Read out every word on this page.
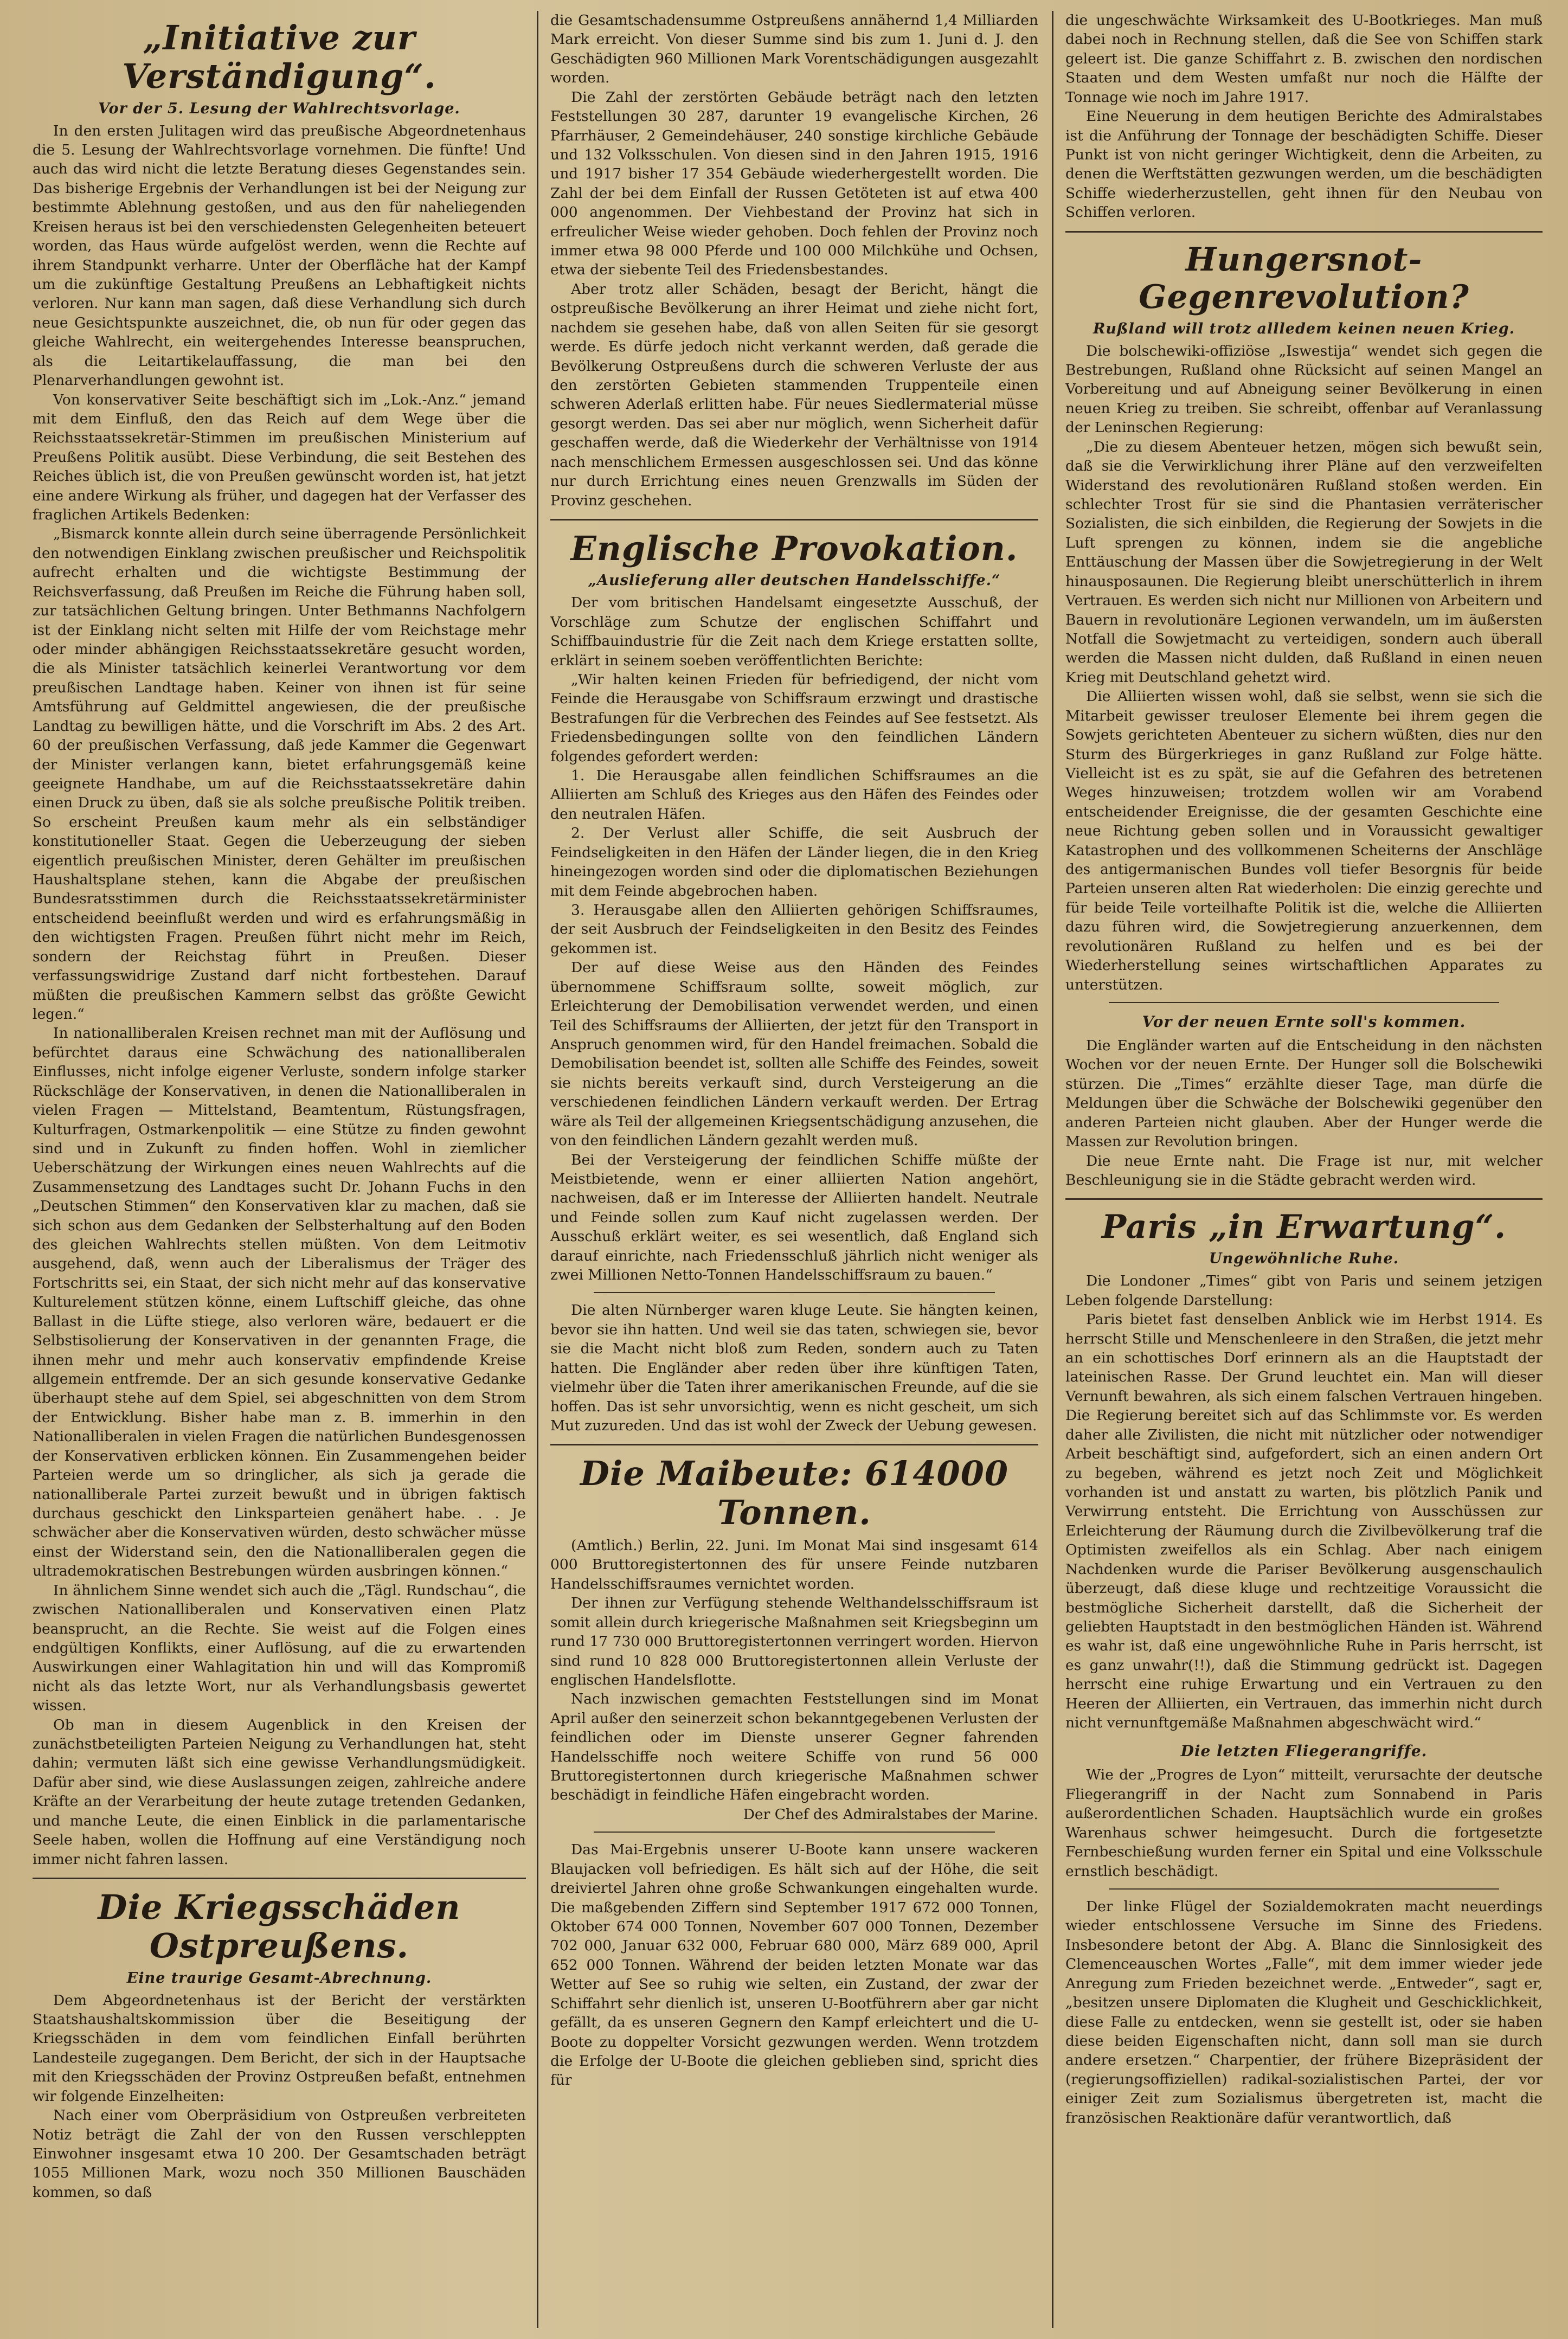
„Initiative zur Verständigung“.
Vor der 5. Lesung der Wahlrechtsvorlage.

In den ersten Julitagen wird das preußische Abgeordnetenhaus die 5. Lesung der Wahlrechtsvorlage vornehmen. Die fünfte! Und auch das wird nicht die letzte Beratung dieses Gegenstandes sein. Das bisherige Ergebnis der Verhandlungen ist bei der Neigung zur bestimmte Ablehnung gestoßen, und aus den für naheliegenden Kreisen heraus ist bei den verschiedensten Gelegenheiten beteuert worden, das Haus würde aufgelöst werden, wenn die Rechte auf ihrem Standpunkt verharre. Unter der Oberfläche hat der Kampf um die zukünftige Gestaltung Preußens an Lebhaftigkeit nichts verloren. Nur kann man sagen, daß diese Verhandlung sich durch neue Gesichtspunkte auszeichnet, die, ob nun für oder gegen das gleiche Wahlrecht, ein weitergehendes Interesse beanspruchen, als die Leitartikelauffassung, die man bei den Plenarverhandlungen gewohnt ist.

Von konservativer Seite beschäftigt sich im „Lok.-Anz.“ jemand mit dem Einfluß, den das Reich auf dem Wege über die Reichsstaatssekretär-Stimmen im preußischen Ministerium auf Preußens Politik ausübt. Diese Verbindung, die seit Bestehen des Reiches üblich ist, die von Preußen gewünscht worden ist, hat jetzt eine andere Wirkung als früher, und dagegen hat der Verfasser des fraglichen Artikels Bedenken:

„Bismarck konnte allein durch seine überragende Persönlichkeit den notwendigen Einklang zwischen preußischer und Reichspolitik aufrecht erhalten und die wichtigste Bestimmung der Reichsverfassung, daß Preußen im Reiche die Führung haben soll, zur tatsächlichen Geltung bringen. Unter Bethmanns Nachfolgern ist der Einklang nicht selten mit Hilfe der vom Reichstage mehr oder minder abhängigen Reichsstaatssekretäre gesucht worden, die als Minister tatsächlich keinerlei Verantwortung vor dem preußischen Landtage haben. Keiner von ihnen ist für seine Amtsführung auf Geldmittel angewiesen, die der preußische Landtag zu bewilligen hätte, und die Vorschrift im Abs. 2 des Art. 60 der preußischen Verfassung, daß jede Kammer die Gegenwart der Minister verlangen kann, bietet erfahrungsgemäß keine geeignete Handhabe, um auf die Reichsstaatssekretäre dahin einen Druck zu üben, daß sie als solche preußische Politik treiben. So erscheint Preußen kaum mehr als ein selbständiger konstitutioneller Staat. Gegen die Ueberzeugung der sieben eigentlich preußischen Minister, deren Gehälter im preußischen Haushaltsplane stehen, kann die Abgabe der preußischen Bundesratsstimmen durch die Reichsstaatssekretärminister entscheidend beeinflußt werden und wird es erfahrungsmäßig in den wichtigsten Fragen. Preußen führt nicht mehr im Reich, sondern der Reichstag führt in Preußen. Dieser verfassungswidrige Zustand darf nicht fortbestehen. Darauf müßten die preußischen Kammern selbst das größte Gewicht legen.“

In nationalliberalen Kreisen rechnet man mit der Auflösung und befürchtet daraus eine Schwächung des nationalliberalen Einflusses, nicht infolge eigener Verluste, sondern infolge starker Rückschläge der Konservativen, in denen die Nationalliberalen in vielen Fragen — Mittelstand, Beamtentum, Rüstungsfragen, Kulturfragen, Ostmarkenpolitik — eine Stütze zu finden gewohnt sind und in Zukunft zu finden hoffen. Wohl in ziemlicher Ueberschätzung der Wirkungen eines neuen Wahlrechts auf die Zusammensetzung des Landtages sucht Dr. Johann Fuchs in den „Deutschen Stimmen“ den Konservativen klar zu machen, daß sie sich schon aus dem Gedanken der Selbsterhaltung auf den Boden des gleichen Wahlrechts stellen müßten. Von dem Leitmotiv ausgehend, daß, wenn auch der Liberalismus der Träger des Fortschritts sei, ein Staat, der sich nicht mehr auf das konservative Kulturelement stützen könne, einem Luftschiff gleiche, das ohne Ballast in die Lüfte stiege, also verloren wäre, bedauert er die Selbstisolierung der Konservativen in der genannten Frage, die ihnen mehr und mehr auch konservativ empfindende Kreise allgemein entfremde. Der an sich gesunde konservative Gedanke überhaupt stehe auf dem Spiel, sei abgeschnitten von dem Strom der Entwicklung. Bisher habe man z. B. immerhin in den Nationalliberalen in vielen Fragen die natürlichen Bundesgenossen der Konservativen erblicken können. Ein Zusammengehen beider Parteien werde um so dringlicher, als sich ja gerade die nationalliberale Partei zurzeit bewußt und in übrigen faktisch durchaus geschickt den Linksparteien genähert habe. . . Je schwächer aber die Konservativen würden, desto schwächer müsse einst der Widerstand sein, den die Nationalliberalen gegen die ultrademokratischen Bestrebungen würden ausbringen können.“

In ähnlichem Sinne wendet sich auch die „Tägl. Rundschau“, die zwischen Nationalliberalen und Konservativen einen Platz beansprucht, an die Rechte. Sie weist auf die Folgen eines endgültigen Konflikts, einer Auflösung, auf die zu erwartenden Auswirkungen einer Wahlagitation hin und will das Kompromiß nicht als das letzte Wort, nur als Verhandlungsbasis gewertet wissen.

Ob man in diesem Augenblick in den Kreisen der zunächstbeteiligten Parteien Neigung zu Verhandlungen hat, steht dahin; vermuten läßt sich eine gewisse Verhandlungsmüdigkeit. Dafür aber sind, wie diese Auslassungen zeigen, zahlreiche andere Kräfte an der Verarbeitung der heute zutage tretenden Gedanken, und manche Leute, die einen Einblick in die parlamentarische Seele haben, wollen die Hoffnung auf eine Verständigung noch immer nicht fahren lassen.

Die Kriegsschäden Ostpreußens.
Eine traurige Gesamt-Abrechnung.

Dem Abgeordnetenhaus ist der Bericht der verstärkten Staatshaushaltskommission über die Beseitigung der Kriegsschäden in dem vom feindlichen Einfall berührten Landesteile zugegangen. Dem Bericht, der sich in der Hauptsache mit den Kriegsschäden der Provinz Ostpreußen befaßt, entnehmen wir folgende Einzelheiten:

Nach einer vom Oberpräsidium von Ostpreußen verbreiteten Notiz beträgt die Zahl der von den Russen verschleppten Einwohner insgesamt etwa 10 200. Der Gesamtschaden beträgt 1055 Millionen Mark, wozu noch 350 Millionen Bauschäden kommen, so daß

die Gesamtschadensumme Ostpreußens annähernd 1,4 Milliarden Mark erreicht. Von dieser Summe sind bis zum 1. Juni d. J. den Geschädigten 960 Millionen Mark Vorentschädigungen ausgezahlt worden.

Die Zahl der zerstörten Gebäude beträgt nach den letzten Feststellungen 30 287, darunter 19 evangelische Kirchen, 26 Pfarrhäuser, 2 Gemeindehäuser, 240 sonstige kirchliche Gebäude und 132 Volksschulen. Von diesen sind in den Jahren 1915, 1916 und 1917 bisher 17 354 Gebäude wiederhergestellt worden. Die Zahl der bei dem Einfall der Russen Getöteten ist auf etwa 400 000 angenommen. Der Viehbestand der Provinz hat sich in erfreulicher Weise wieder gehoben. Doch fehlen der Provinz noch immer etwa 98 000 Pferde und 100 000 Milchkühe und Ochsen, etwa der siebente Teil des Friedensbestandes.

Aber trotz aller Schäden, besagt der Bericht, hängt die ostpreußische Bevölkerung an ihrer Heimat und ziehe nicht fort, nachdem sie gesehen habe, daß von allen Seiten für sie gesorgt werde. Es dürfe jedoch nicht verkannt werden, daß gerade die Bevölkerung Ostpreußens durch die schweren Verluste der aus den zerstörten Gebieten stammenden Truppenteile einen schweren Aderlaß erlitten habe. Für neues Siedlermaterial müsse gesorgt werden. Das sei aber nur möglich, wenn Sicherheit dafür geschaffen werde, daß die Wiederkehr der Verhältnisse von 1914 nach menschlichem Ermessen ausgeschlossen sei. Und das könne nur durch Errichtung eines neuen Grenzwalls im Süden der Provinz geschehen.

Englische Provokation.
„Auslieferung aller deutschen Handelsschiffe.“

Der vom britischen Handelsamt eingesetzte Ausschuß, der Vorschläge zum Schutze der englischen Schiffahrt und Schiffbauindustrie für die Zeit nach dem Kriege erstatten sollte, erklärt in seinem soeben veröffentlichten Berichte:

„Wir halten keinen Frieden für befriedigend, der nicht vom Feinde die Herausgabe von Schiffsraum erzwingt und drastische Bestrafungen für die Verbrechen des Feindes auf See festsetzt. Als Friedensbedingungen sollte von den feindlichen Ländern folgendes gefordert werden:

1. Die Herausgabe allen feindlichen Schiffsraumes an die Alliierten am Schluß des Krieges aus den Häfen des Feindes oder den neutralen Häfen.

2. Der Verlust aller Schiffe, die seit Ausbruch der Feindseligkeiten in den Häfen der Länder liegen, die in den Krieg hineingezogen worden sind oder die diplomatischen Beziehungen mit dem Feinde abgebrochen haben.

3. Herausgabe allen den Alliierten gehörigen Schiffsraumes, der seit Ausbruch der Feindseligkeiten in den Besitz des Feindes gekommen ist.

Der auf diese Weise aus den Händen des Feindes übernommene Schiffsraum sollte, soweit möglich, zur Erleichterung der Demobilisation verwendet werden, und einen Teil des Schiffsraums der Alliierten, der jetzt für den Transport in Anspruch genommen wird, für den Handel freimachen. Sobald die Demobilisation beendet ist, sollten alle Schiffe des Feindes, soweit sie nichts bereits verkauft sind, durch Versteigerung an die verschiedenen feindlichen Ländern verkauft werden. Der Ertrag wäre als Teil der allgemeinen Kriegsentschädigung anzusehen, die von den feindlichen Ländern gezahlt werden muß.

Bei der Versteigerung der feindlichen Schiffe müßte der Meistbietende, wenn er einer alliierten Nation angehört, nachweisen, daß er im Interesse der Alliierten handelt. Neutrale und Feinde sollen zum Kauf nicht zugelassen werden. Der Ausschuß erklärt weiter, es sei wesentlich, daß England sich darauf einrichte, nach Friedensschluß jährlich nicht weniger als zwei Millionen Netto-Tonnen Handelsschiffsraum zu bauen.“

Die alten Nürnberger waren kluge Leute. Sie hängten keinen, bevor sie ihn hatten. Und weil sie das taten, schwiegen sie, bevor sie die Macht nicht bloß zum Reden, sondern auch zu Taten hatten. Die Engländer aber reden über ihre künftigen Taten, vielmehr über die Taten ihrer amerikanischen Freunde, auf die sie hoffen. Das ist sehr unvorsichtig, wenn es nicht gescheit, um sich Mut zuzureden. Und das ist wohl der Zweck der Uebung gewesen.

Die Maibeute: 614000 Tonnen.

(Amtlich.) Berlin, 22. Juni. Im Monat Mai sind insgesamt 614 000 Bruttoregistertonnen des für unsere Feinde nutzbaren Handelsschiffsraumes vernichtet worden.

Der ihnen zur Verfügung stehende Welthandelsschiffsraum ist somit allein durch kriegerische Maßnahmen seit Kriegsbeginn um rund 17 730 000 Bruttoregistertonnen verringert worden. Hiervon sind rund 10 828 000 Bruttoregistertonnen allein Verluste der englischen Handelsflotte.

Nach inzwischen gemachten Feststellungen sind im Monat April außer den seinerzeit schon bekanntgegebenen Verlusten der feindlichen oder im Dienste unserer Gegner fahrenden Handelsschiffe noch weitere Schiffe von rund 56 000 Bruttoregistertonnen durch kriegerische Maßnahmen schwer beschädigt in feindliche Häfen eingebracht worden.

Der Chef des Admiralstabes der Marine.

Das Mai-Ergebnis unserer U-Boote kann unsere wackeren Blaujacken voll befriedigen. Es hält sich auf der Höhe, die seit dreiviertel Jahren ohne große Schwankungen eingehalten wurde. Die maßgebenden Ziffern sind September 1917 672 000 Tonnen, Oktober 674 000 Tonnen, November 607 000 Tonnen, Dezember 702 000, Januar 632 000, Februar 680 000, März 689 000, April 652 000 Tonnen. Während der beiden letzten Monate war das Wetter auf See so ruhig wie selten, ein Zustand, der zwar der Schiffahrt sehr dienlich ist, unseren U-Bootführern aber gar nicht gefällt, da es unseren Gegnern den Kampf erleichtert und die U-Boote zu doppelter Vorsicht gezwungen werden. Wenn trotzdem die Erfolge der U-Boote die gleichen geblieben sind, spricht dies für

die ungeschwächte Wirksamkeit des U-Bootkrieges. Man muß dabei noch in Rechnung stellen, daß die See von Schiffen stark geleert ist. Die ganze Schiffahrt z. B. zwischen den nordischen Staaten und dem Westen umfaßt nur noch die Hälfte der Tonnage wie noch im Jahre 1917.

Eine Neuerung in dem heutigen Berichte des Admiralstabes ist die Anführung der Tonnage der beschädigten Schiffe. Dieser Punkt ist von nicht geringer Wichtigkeit, denn die Arbeiten, zu denen die Werftstätten gezwungen werden, um die beschädigten Schiffe wiederherzustellen, geht ihnen für den Neubau von Schiffen verloren.

Hungersnot-Gegenrevolution?
Rußland will trotz allledem keinen neuen Krieg.

Die bolschewiki-offiziöse „Iswestija“ wendet sich gegen die Bestrebungen, Rußland ohne Rücksicht auf seinen Mangel an Vorbereitung und auf Abneigung seiner Bevölkerung in einen neuen Krieg zu treiben. Sie schreibt, offenbar auf Veranlassung der Leninschen Regierung:

„Die zu diesem Abenteuer hetzen, mögen sich bewußt sein, daß sie die Verwirklichung ihrer Pläne auf den verzweifelten Widerstand des revolutionären Rußland stoßen werden. Ein schlechter Trost für sie sind die Phantasien verräterischer Sozialisten, die sich einbilden, die Regierung der Sowjets in die Luft sprengen zu können, indem sie die angebliche Enttäuschung der Massen über die Sowjetregierung in der Welt hinausposaunen. Die Regierung bleibt unerschütterlich in ihrem Vertrauen. Es werden sich nicht nur Millionen von Arbeitern und Bauern in revolutionäre Legionen verwandeln, um im äußersten Notfall die Sowjetmacht zu verteidigen, sondern auch überall werden die Massen nicht dulden, daß Rußland in einen neuen Krieg mit Deutschland gehetzt wird.

Die Alliierten wissen wohl, daß sie selbst, wenn sie sich die Mitarbeit gewisser treuloser Elemente bei ihrem gegen die Sowjets gerichteten Abenteuer zu sichern wüßten, dies nur den Sturm des Bürgerkrieges in ganz Rußland zur Folge hätte. Vielleicht ist es zu spät, sie auf die Gefahren des betretenen Weges hinzuweisen; trotzdem wollen wir am Vorabend entscheidender Ereignisse, die der gesamten Geschichte eine neue Richtung geben sollen und in Voraussicht gewaltiger Katastrophen und des vollkommenen Scheiterns der Anschläge des antigermanischen Bundes voll tiefer Besorgnis für beide Parteien unseren alten Rat wiederholen: Die einzig gerechte und für beide Teile vorteilhafte Politik ist die, welche die Alliierten dazu führen wird, die Sowjetregierung anzuerkennen, dem revolutionären Rußland zu helfen und es bei der Wiederherstellung seines wirtschaftlichen Apparates zu unterstützen.

Vor der neuen Ernte soll's kommen.

Die Engländer warten auf die Entscheidung in den nächsten Wochen vor der neuen Ernte. Der Hunger soll die Bolschewiki stürzen. Die „Times“ erzählte dieser Tage, man dürfe die Meldungen über die Schwäche der Bolschewiki gegenüber den anderen Parteien nicht glauben. Aber der Hunger werde die Massen zur Revolution bringen.

Die neue Ernte naht. Die Frage ist nur, mit welcher Beschleunigung sie in die Städte gebracht werden wird.

Paris „in Erwartung“.
Ungewöhnliche Ruhe.

Die Londoner „Times“ gibt von Paris und seinem jetzigen Leben folgende Darstellung:

Paris bietet fast denselben Anblick wie im Herbst 1914. Es herrscht Stille und Menschenleere in den Straßen, die jetzt mehr an ein schottisches Dorf erinnern als an die Hauptstadt der lateinischen Rasse. Der Grund leuchtet ein. Man will dieser Vernunft bewahren, als sich einem falschen Vertrauen hingeben. Die Regierung bereitet sich auf das Schlimmste vor. Es werden daher alle Zivilisten, die nicht mit nützlicher oder notwendiger Arbeit beschäftigt sind, aufgefordert, sich an einen andern Ort zu begeben, während es jetzt noch Zeit und Möglichkeit vorhanden ist und anstatt zu warten, bis plötzlich Panik und Verwirrung entsteht. Die Errichtung von Ausschüssen zur Erleichterung der Räumung durch die Zivilbevölkerung traf die Optimisten zweifellos als ein Schlag. Aber nach einigem Nachdenken wurde die Pariser Bevölkerung ausgenschaulich überzeugt, daß diese kluge und rechtzeitige Voraussicht die bestmögliche Sicherheit darstellt, daß die Sicherheit der geliebten Hauptstadt in den bestmöglichen Händen ist. Während es wahr ist, daß eine ungewöhnliche Ruhe in Paris herrscht, ist es ganz unwahr(!!), daß die Stimmung gedrückt ist. Dagegen herrscht eine ruhige Erwartung und ein Vertrauen zu den Heeren der Alliierten, ein Vertrauen, das immerhin nicht durch nicht vernunftgemäße Maßnahmen abgeschwächt wird.“

Die letzten Fliegerangriffe.

Wie der „Progres de Lyon“ mitteilt, verursachte der deutsche Fliegerangriff in der Nacht zum Sonnabend in Paris außerordentlichen Schaden. Hauptsächlich wurde ein großes Warenhaus schwer heimgesucht. Durch die fortgesetzte Fernbeschießung wurden ferner ein Spital und eine Volksschule ernstlich beschädigt.

Der linke Flügel der Sozialdemokraten macht neuerdings wieder entschlossene Versuche im Sinne des Friedens. Insbesondere betont der Abg. A. Blanc die Sinnlosigkeit des Clemenceauschen Wortes „Falle“, mit dem immer wieder jede Anregung zum Frieden bezeichnet werde. „Entweder“, sagt er, „besitzen unsere Diplomaten die Klugheit und Geschicklichkeit, diese Falle zu entdecken, wenn sie gestellt ist, oder sie haben diese beiden Eigenschaften nicht, dann soll man sie durch andere ersetzen.“ Charpentier, der frühere Bizepräsident der (regierungsoffiziellen) radikal-sozialistischen Partei, der vor einiger Zeit zum Sozialismus übergetreten ist, macht die französischen Reaktionäre dafür verantwortlich, daß
